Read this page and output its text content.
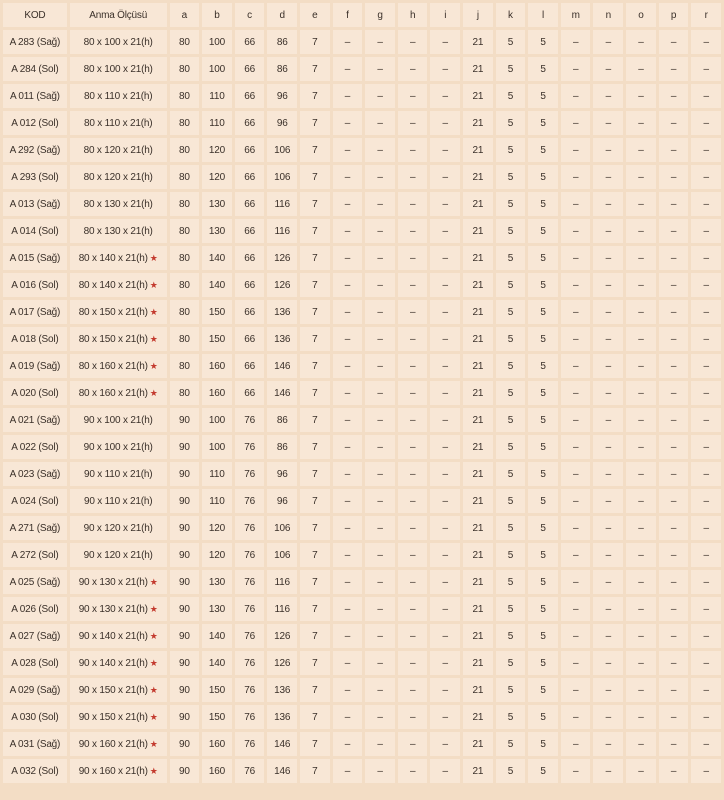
KOD	Anma Ölçüsü	a	b	c	d	e	f	g	h	i	j	k	l	m	n	o	p	r
A 283 (Sağ)	80 x 100 x 21(h)	80	100	66	86	7	–	–	–	–	21	5	5	–	–	–	–	–
A 284 (Sol)	80 x 100 x 21(h)	80	100	66	86	7	–	–	–	–	21	5	5	–	–	–	–	–
A 011 (Sağ)	80 x 110 x 21(h)	80	110	66	96	7	–	–	–	–	21	5	5	–	–	–	–	–
A 012 (Sol)	80 x 110 x 21(h)	80	110	66	96	7	–	–	–	–	21	5	5	–	–	–	–	–
A 292 (Sağ)	80 x 120 x 21(h)	80	120	66	106	7	–	–	–	–	21	5	5	–	–	–	–	–
A 293 (Sol)	80 x 120 x 21(h)	80	120	66	106	7	–	–	–	–	21	5	5	–	–	–	–	–
A 013 (Sağ)	80 x 130 x 21(h)	80	130	66	116	7	–	–	–	–	21	5	5	–	–	–	–	–
A 014 (Sol)	80 x 130 x 21(h)	80	130	66	116	7	–	–	–	–	21	5	5	–	–	–	–	–
A 015 (Sağ)	80 x 140 x 21(h) ★	80	140	66	126	7	–	–	–	–	21	5	5	–	–	–	–	–
A 016 (Sol)	80 x 140 x 21(h) ★	80	140	66	126	7	–	–	–	–	21	5	5	–	–	–	–	–
A 017 (Sağ)	80 x 150 x 21(h) ★	80	150	66	136	7	–	–	–	–	21	5	5	–	–	–	–	–
A 018 (Sol)	80 x 150 x 21(h) ★	80	150	66	136	7	–	–	–	–	21	5	5	–	–	–	–	–
A 019 (Sağ)	80 x 160 x 21(h) ★	80	160	66	146	7	–	–	–	–	21	5	5	–	–	–	–	–
A 020 (Sol)	80 x 160 x 21(h) ★	80	160	66	146	7	–	–	–	–	21	5	5	–	–	–	–	–
A 021 (Sağ)	90 x 100 x 21(h)	90	100	76	86	7	–	–	–	–	21	5	5	–	–	–	–	–
A 022 (Sol)	90 x 100 x 21(h)	90	100	76	86	7	–	–	–	–	21	5	5	–	–	–	–	–
A 023 (Sağ)	90 x 110 x 21(h)	90	110	76	96	7	–	–	–	–	21	5	5	–	–	–	–	–
A 024 (Sol)	90 x 110 x 21(h)	90	110	76	96	7	–	–	–	–	21	5	5	–	–	–	–	–
A 271 (Sağ)	90 x 120 x 21(h)	90	120	76	106	7	–	–	–	–	21	5	5	–	–	–	–	–
A 272 (Sol)	90 x 120 x 21(h)	90	120	76	106	7	–	–	–	–	21	5	5	–	–	–	–	–
A 025 (Sağ)	90 x 130 x 21(h) ★	90	130	76	116	7	–	–	–	–	21	5	5	–	–	–	–	–
A 026 (Sol)	90 x 130 x 21(h) ★	90	130	76	116	7	–	–	–	–	21	5	5	–	–	–	–	–
A 027 (Sağ)	90 x 140 x 21(h) ★	90	140	76	126	7	–	–	–	–	21	5	5	–	–	–	–	–
A 028 (Sol)	90 x 140 x 21(h) ★	90	140	76	126	7	–	–	–	–	21	5	5	–	–	–	–	–
A 029 (Sağ)	90 x 150 x 21(h) ★	90	150	76	136	7	–	–	–	–	21	5	5	–	–	–	–	–
A 030 (Sol)	90 x 150 x 21(h) ★	90	150	76	136	7	–	–	–	–	21	5	5	–	–	–	–	–
A 031 (Sağ)	90 x 160 x 21(h) ★	90	160	76	146	7	–	–	–	–	21	5	5	–	–	–	–	–
A 032 (Sol)	90 x 160 x 21(h) ★	90	160	76	146	7	–	–	–	–	21	5	5	–	–	–	–	–
